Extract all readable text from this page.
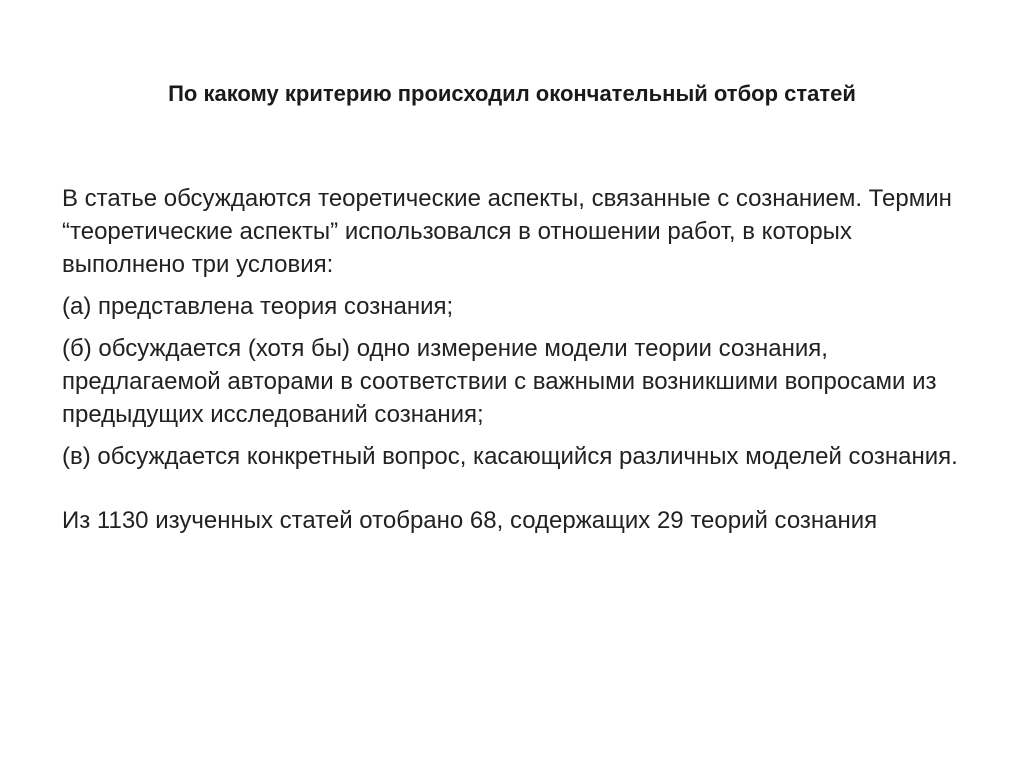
По какому критерию происходил окончательный отбор статей

В статье обсуждаются теоретические аспекты, связанные с сознанием. Термин “теоретические аспекты” использовался в отношении работ, в которых выполнено три условия:

(а) представлена теория сознания;

(б) обсуждается (хотя бы) одно измерение модели теории сознания, предлагаемой авторами в соответствии с важными возникшими вопросами из предыдущих исследований сознания;

(в) обсуждается конкретный вопрос, касающийся различных моделей сознания.

Из 1130 изученных статей отобрано 68, содержащих 29 теорий сознания
